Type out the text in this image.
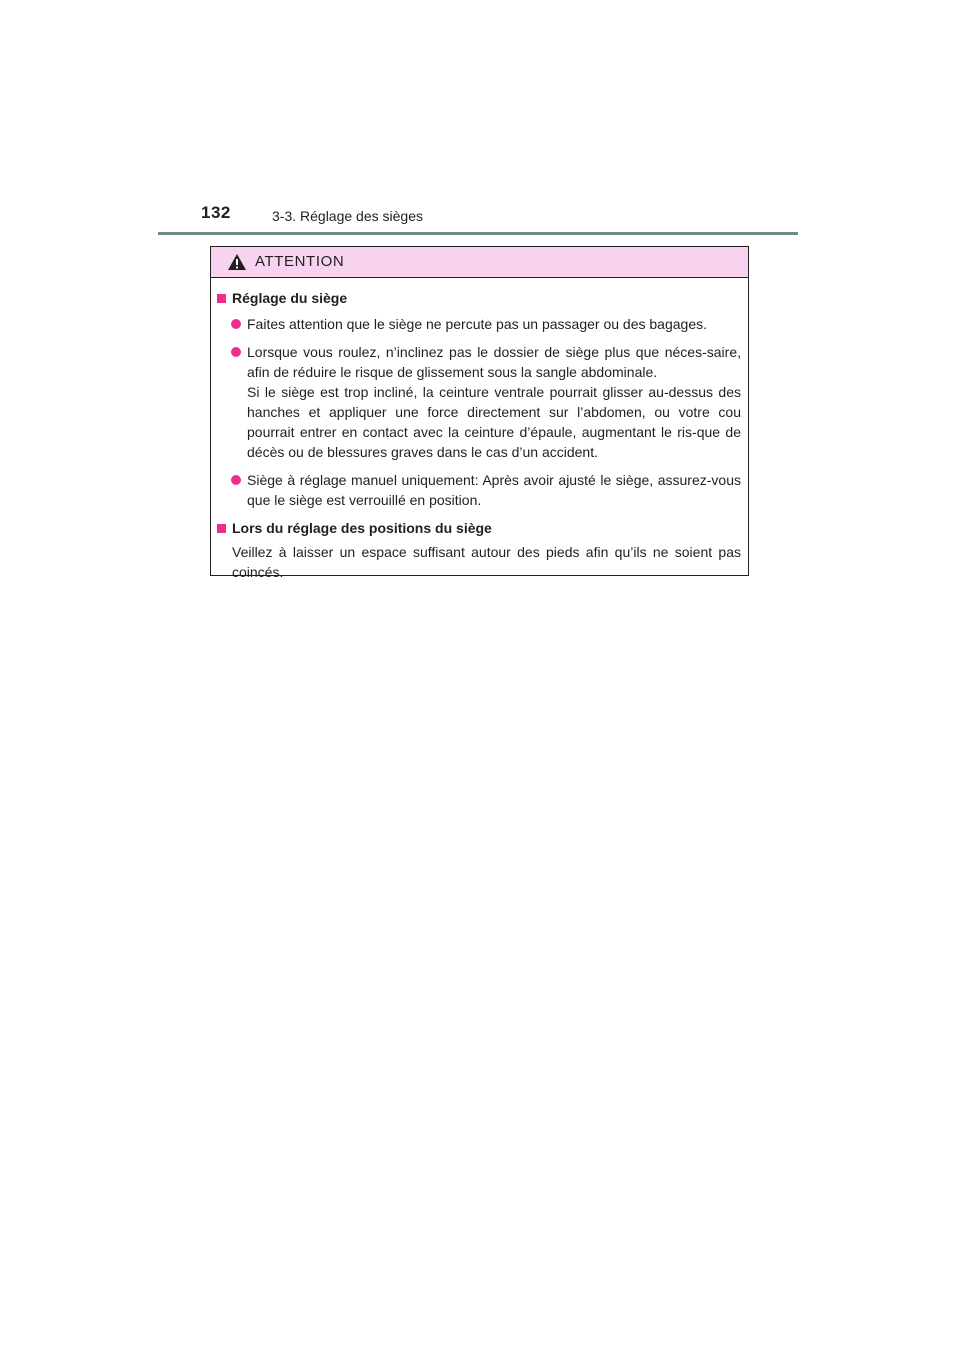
132	3-3. Réglage des sièges
ATTENTION
Réglage du siège
Faites attention que le siège ne percute pas un passager ou des bagages.
Lorsque vous roulez, n’inclinez pas le dossier de siège plus que néces-saire, afin de réduire le risque de glissement sous la sangle abdominale.
Si le siège est trop incliné, la ceinture ventrale pourrait glisser au-dessus des hanches et appliquer une force directement sur l’abdomen, ou votre cou pourrait entrer en contact avec la ceinture d’épaule, augmentant le ris-que de décès ou de blessures graves dans le cas d’un accident.
Siège à réglage manuel uniquement: Après avoir ajusté le siège, assurez-vous que le siège est verrouillé en position.
Lors du réglage des positions du siège
Veillez à laisser un espace suffisant autour des pieds afin qu’ils ne soient pas coincés.
